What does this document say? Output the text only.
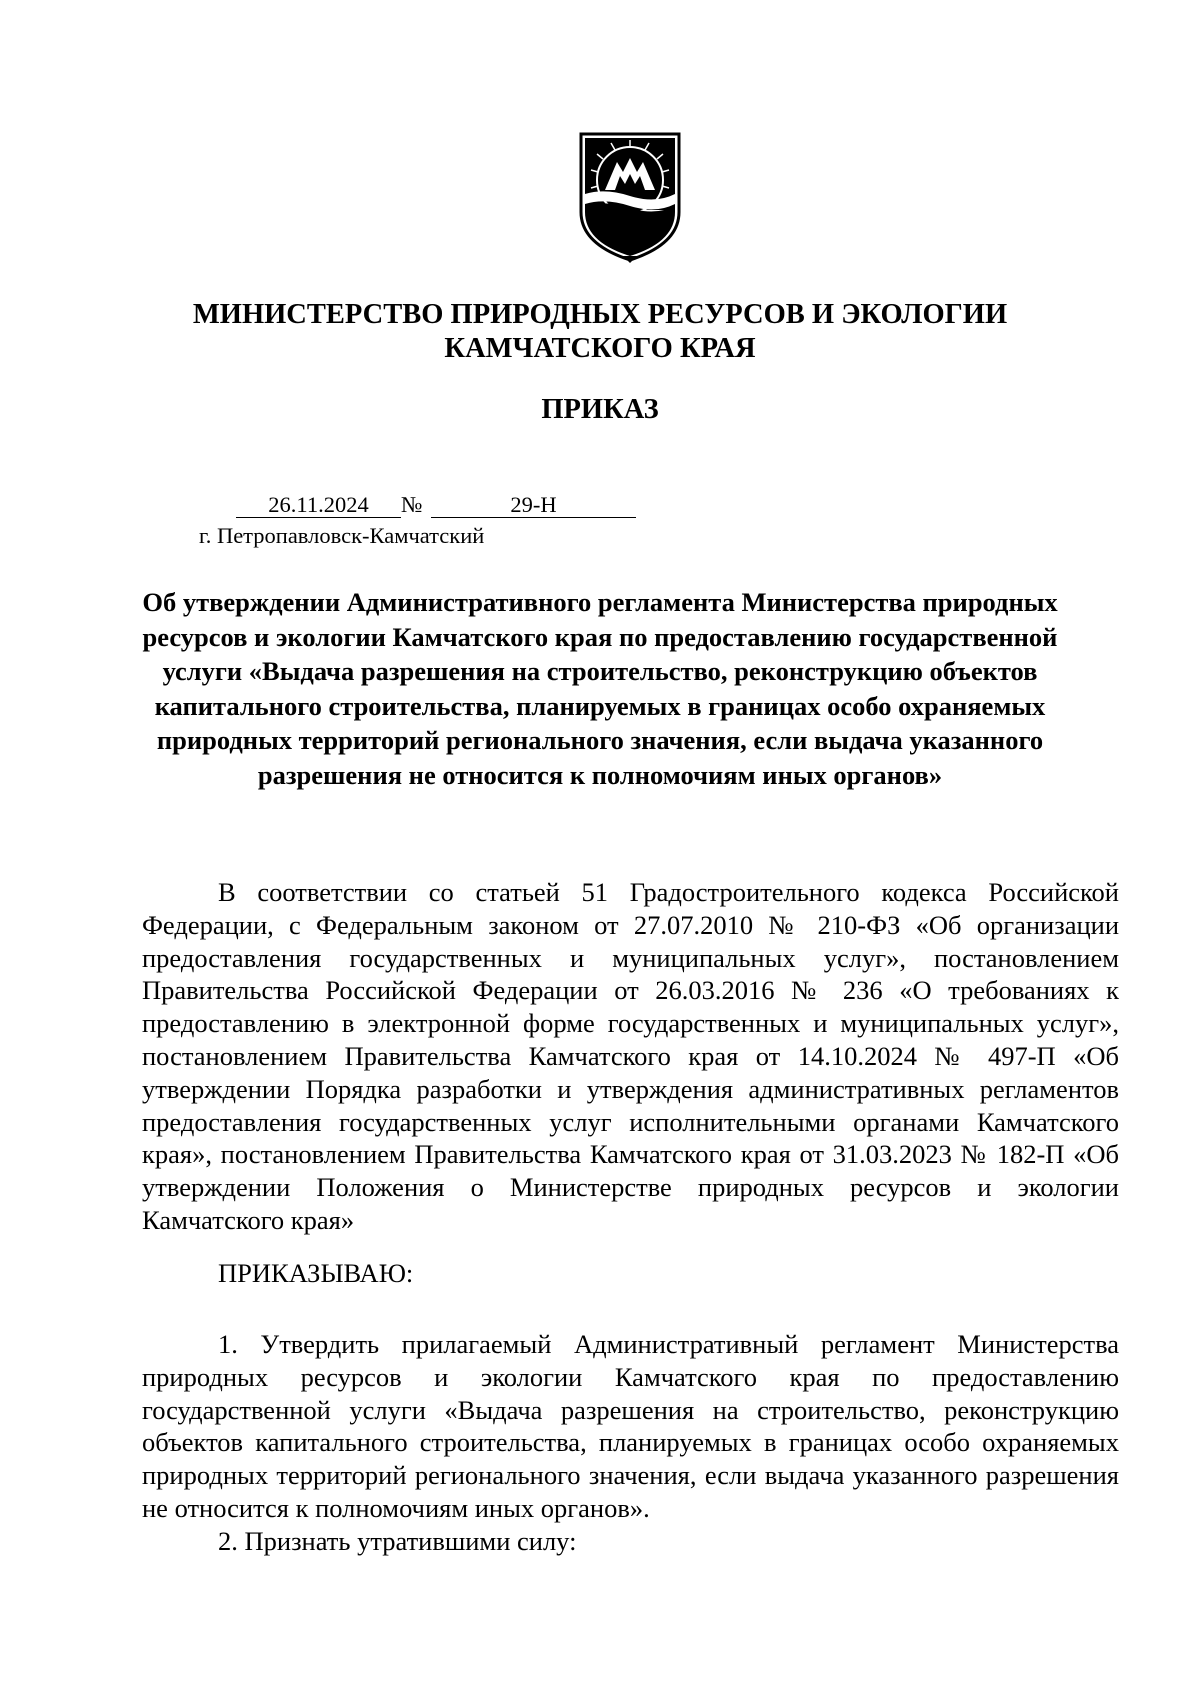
МИНИСТЕРСТВО ПРИРОДНЫХ РЕСУРСОВ И ЭКОЛОГИИ
КАМЧАТСКОГО КРАЯ
ПРИКАЗ
26.11.2024 №	29-Н
г. Петропавловск-Камчатский
Об утверждении Административного регламента Министерства природных ресурсов и экологии Камчатского края по предоставлению государственной услуги «Выдача разрешения на строительство, реконструкцию объектов капитального строительства, планируемых в границах особо охраняемых природных территорий регионального значения, если выдача указанного разрешения не относится к полномочиям иных органов»
В соответствии со статьей 51 Градостроительного кодекса Российской Федерации, с Федеральным законом от 27.07.2010 № 210-ФЗ «Об организации предоставления государственных и муниципальных услуг», постановлением Правительства Российской Федерации от 26.03.2016 № 236 «О требованиях к предоставлению в электронной форме государственных и муниципальных услуг», постановлением Правительства Камчатского края от 14.10.2024 № 497-П «Об утверждении Порядка разработки и утверждения административных регламентов предоставления государственных услуг исполнительными органами Камчатского края», постановлением Правительства Камчатского края от 31.03.2023 № 182-П «Об утверждении Положения о Министерстве природных ресурсов и экологии Камчатского края»
ПРИКАЗЫВАЮ:
1. Утвердить прилагаемый Административный регламент Министерства природных ресурсов и экологии Камчатского края по предоставлению государственной услуги «Выдача разрешения на строительство, реконструкцию объектов капитального строительства, планируемых в границах особо охраняемых природных территорий регионального значения, если выдача указанного разрешения не относится к полномочиям иных органов».
2. Признать утратившими силу:
